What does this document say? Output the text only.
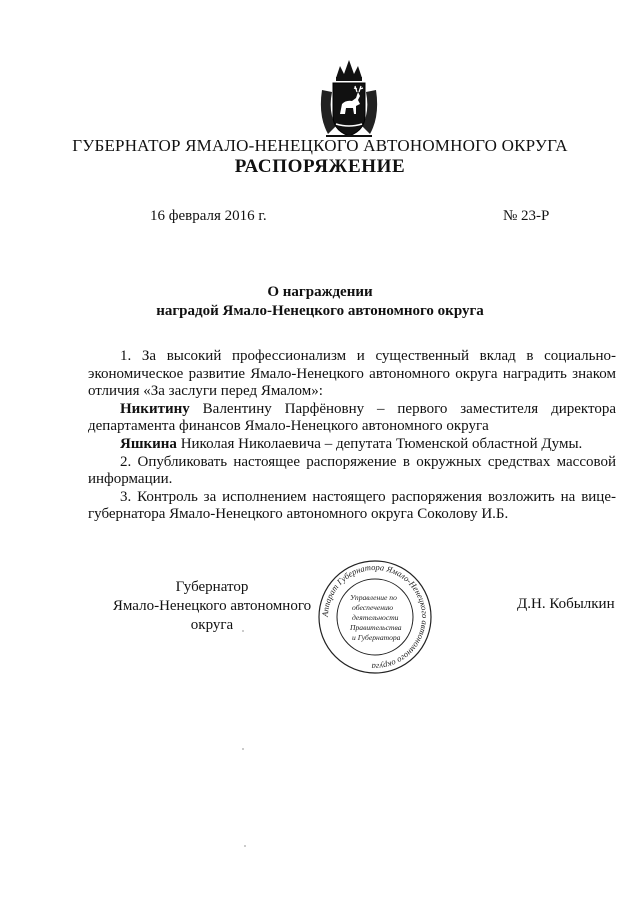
ГУБЕРНАТОР ЯМАЛО-НЕНЕЦКОГО АВТОНОМНОГО ОКРУГА
РАСПОРЯЖЕНИЕ
16 февраля 2016 г.	№ 23-Р
О награждении
наградой Ямало-Ненецкого автономного округа

1. За высокий профессионализм и существенный вклад в социально-экономическое развитие Ямало-Ненецкого автономного округа наградить знаком отличия «За заслуги перед Ямалом»:

Никитину Валентину Парфёновну – первого заместителя директора департамента финансов Ямало-Ненецкого автономного округа

Яшкина Николая Николаевича – депутата Тюменской областной Думы.

2. Опубликовать настоящее распоряжение в окружных средствах массовой информации.

3. Контроль за исполнением настоящего распоряжения возложить на вице-губернатора Ямало-Ненецкого автономного округа Соколову И.Б.

Губернатор
Ямало-Ненецкого автономного округа
Д.Н. Кобылкин
Аппарат Губернатора Ямало-Ненецкого автономного округа
Управление по
обеспечению
деятельности
Правительства
и Губернатора
